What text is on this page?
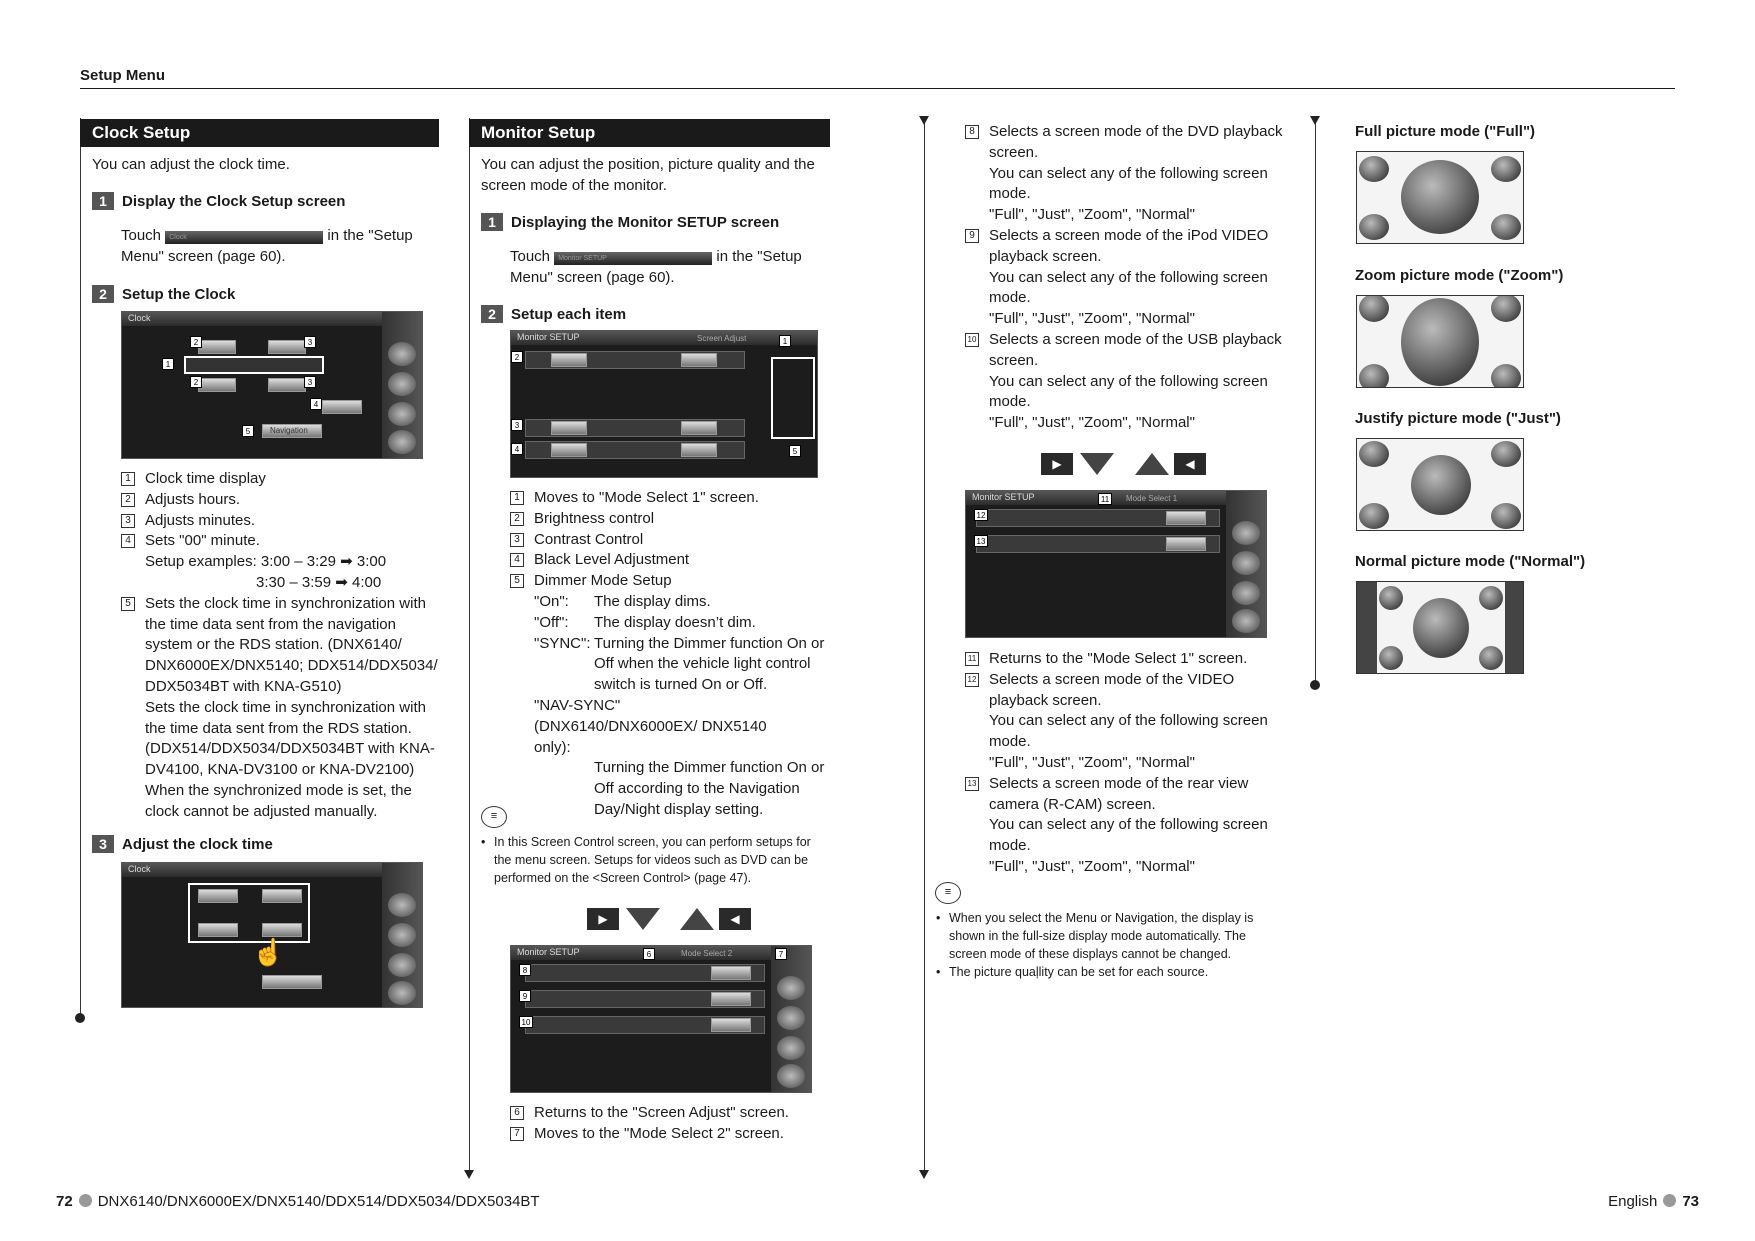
Setup Menu
Clock Setup
You can adjust the clock time.
1 Display the Clock Setup screen
Touch Clock	in the "Setup Menu" screen (page 60).
2 Setup the Clock
Clock
Navigation
2	3
1
2	3
4
5
1 Clock time display
2 Adjusts hours.
3 Adjusts minutes.
4 Sets "00" minute.
Setup examples: 3:00 – 3:29 ➡ 3:00
3:30 – 3:59 ➡ 4:00
5 Sets the clock time in synchronization with the time data sent from the navigation system or the RDS station. (DNX6140/ DNX6000EX/DNX5140; DDX514/DDX5034/ DDX5034BT with KNA-G510)
Sets the clock time in synchronization with the time data sent from the RDS station. (DDX514/DDX5034/DDX5034BT with KNA-DV4100, KNA-DV3100 or KNA-DV2100) When the synchronized mode is set, the clock cannot be adjusted manually.
3 Adjust the clock time
Clock
☝
Monitor Setup
You can adjust the position, picture quality and the screen mode of the monitor.
1 Displaying the Monitor SETUP screen
Touch Monitor SETUP	in the "Setup Menu" screen (page 60).
2 Setup each item
Monitor SETUP	Screen Adjust	1
2
3
4	5
1 Moves to "Mode Select 1" screen.
2 Brightness control
3 Contrast Control
4 Black Level Adjustment
5 Dimmer Mode Setup
"On":	The display dims.
"Off":	The display doesn’t dim.
"SYNC": Turning the Dimmer function On or Off when the vehicle light control switch is turned On or Off.
"NAV-SYNC" (DNX6140/DNX6000EX/ DNX5140 only):
Turning the Dimmer function On or Off according to the Navigation Day/Night display setting.
≡
• In this Screen Control screen, you can perform setups for the menu screen. Setups for videos such as DVD can be performed on the <Screen Control> (page 47).
▶	◀
Monitor SETUP	Mode Select 2
6	7
8
9
10
6 Returns to the "Screen Adjust" screen.
7 Moves to the "Mode Select 2" screen.
8 Selects a screen mode of the DVD playback screen.
You can select any of the following screen mode.
"Full", "Just", "Zoom", "Normal"
9 Selects a screen mode of the iPod VIDEO playback screen.
You can select any of the following screen mode.
"Full", "Just", "Zoom", "Normal"
10 Selects a screen mode of the USB playback screen.
You can select any of the following screen mode.
"Full", "Just", "Zoom", "Normal"
▶	◀
Monitor SETUP	Mode Select 1
11
12
13
11 Returns to the "Mode Select 1" screen.
12 Selects a screen mode of the VIDEO playback screen.
You can select any of the following screen mode.
"Full", "Just", "Zoom", "Normal"
13 Selects a screen mode of the rear view camera (R-CAM) screen.
You can select any of the following screen mode.
"Full", "Just", "Zoom", "Normal"
≡
• When you select the Menu or Navigation, the display is shown in the full-size display mode automatically. The screen mode of these displays cannot be changed.
• The picture quaļlity can be set for each source.
Full picture mode ("Full")
Zoom picture mode ("Zoom")
Justify picture mode ("Just")
Normal picture mode ("Normal")
72 DNX6140/DNX6000EX/DNX5140/DDX514/DDX5034/DDX5034BT	English 73
